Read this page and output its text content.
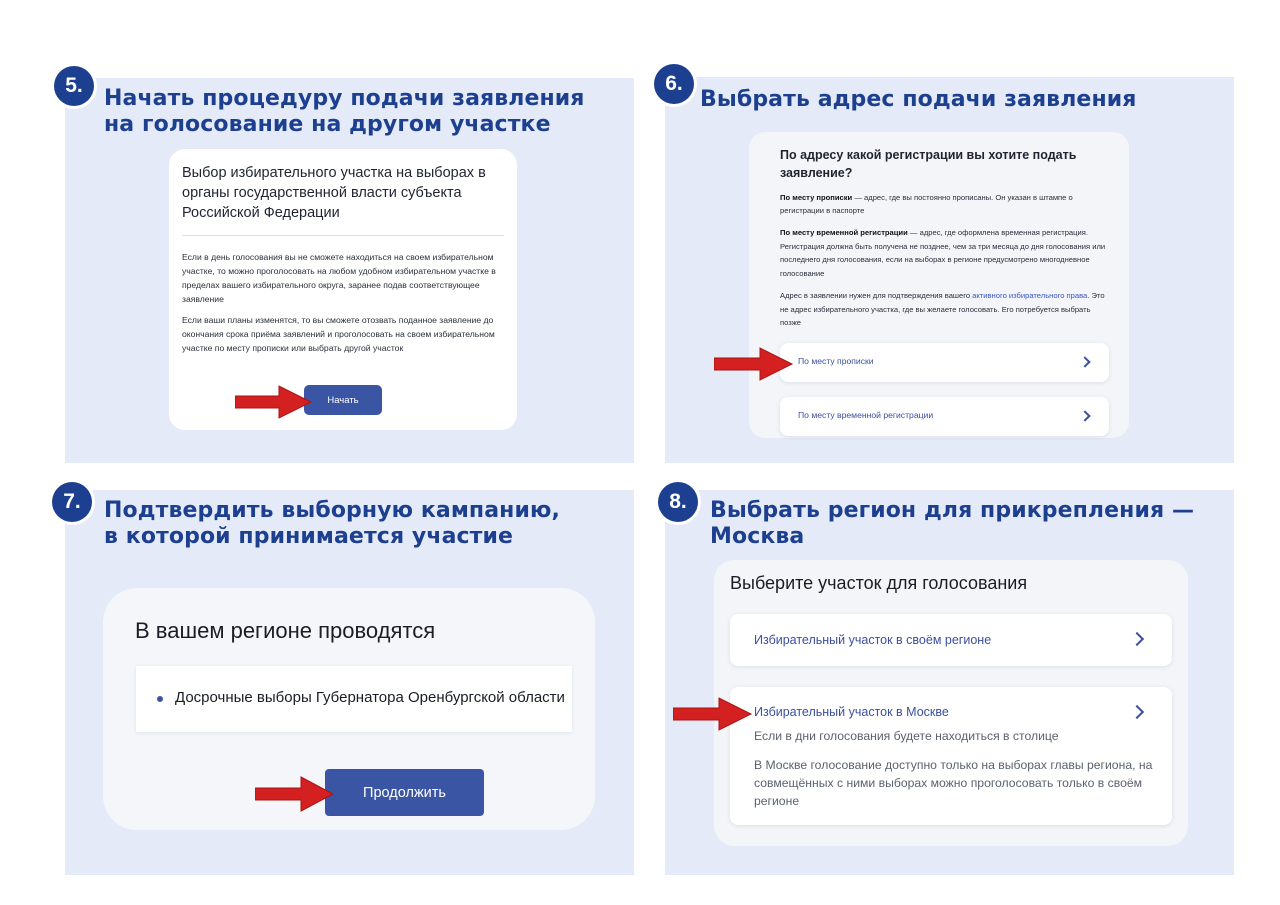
5.
Начать процедуру подачи заявления
на голосование на другом участке
Выбор избирательного участка на выборах в органы государственной власти субъекта Российской Федерации
Если в день голосования вы не сможете находиться на своем избирательном участке, то можно проголосовать на любом удобном избирательном участке в пределах вашего избирательного округа, заранее подав соответствующее заявление
Если ваши планы изменятся, то вы сможете отозвать поданное заявление до окончания срока приёма заявлений и проголосовать на своем избирательном участке по месту прописки или выбрать другой участок
Начать
6.
Выбрать адрес подачи заявления
По адресу какой регистрации вы хотите подать заявление?
По месту прописки — адрес, где вы постоянно прописаны. Он указан в штампе о регистрации в паспорте
По месту временной регистрации — адрес, где оформлена временная регистрация. Регистрация должна быть получена не позднее, чем за три месяца до дня голосования или последнего дня голосования, если на выборах в регионе предусмотрено многодневное голосование
Адрес в заявлении нужен для подтверждения вашего активного избирательного права. Это не адрес избирательного участка, где вы желаете голосовать. Его потребуется выбрать позже
По месту прописки
По месту временной регистрации
7.	Подтвердить выборную кампанию,
в которой принимается участие
В вашем регионе проводятся
Досрочные выборы Губернатора Оренбургской области
Продолжить
8.	Выбрать регион для прикрепления — Москва
Выберите участок для голосования
Избирательный участок в своём регионе
Избирательный участок в Москве
Если в дни голосования будете находиться в столице
В Москве голосование доступно только на выборах главы региона, на совмещённых с ними выборах можно проголосовать только в своём регионе
